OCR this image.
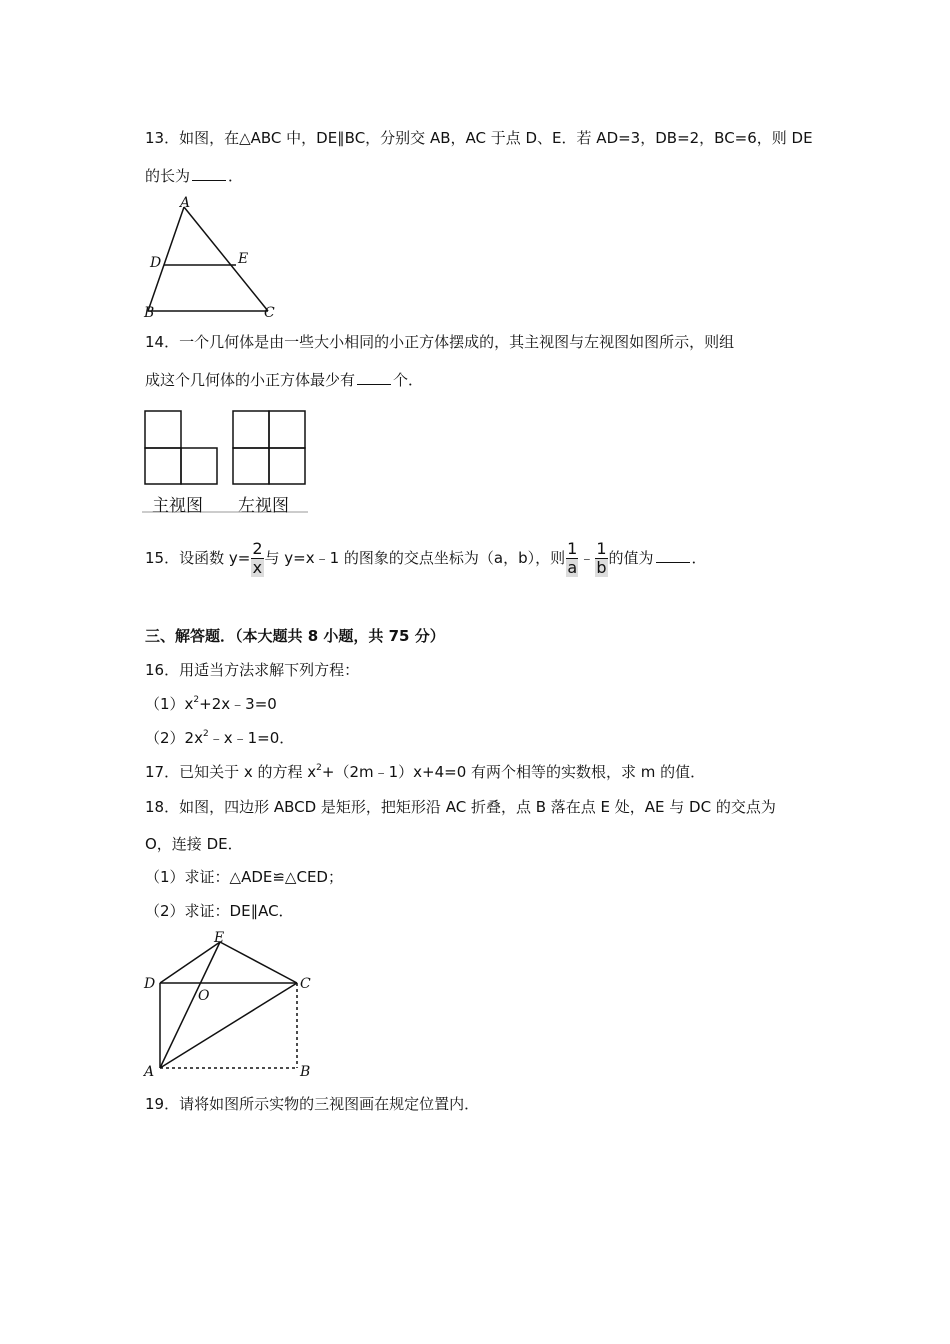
13．如图，在△ABC 中，DE∥BC，分别交 AB，AC 于点 D、E．若 AD=3，DB=2，BC=6，则 DE
的长为	．
A
D	E
B	C
14．一个几何体是由一些大小相同的小正方体摆成的，其主视图与左视图如图所示，则组
成这个几何体的小正方体最少有	个．
主视图 左视图
15．设函数 $y= \frac{2}{x}$ 与 y=x﹣1 的图象的交点坐标为（a，b），则 $\frac{1}{a}$ ﹣ $\frac{1}{b}$ 的值为	．
三、解答题．（本大题共 8 小题，共 75 分）
16．用适当方法求解下列方程：
$(1)x^2+2x﹣3=0$
$(2)2x^2﹣x﹣1=0$．
17．已知关于 x 的方程 $x^2+(2m﹣1)x+4=0$ 有两个相等的实数根，求 m 的值．
18．如图，四边形 ABCD 是矩形，把矩形沿 AC 折叠，点 B 落在点 E 处，AE 与 DC 的交点为
O，连接 DE．
（1）求证：△ADE≌△CED；
（2）求证：DE∥AC．
E
D	C
O
A	B
19．请将如图所示实物的三视图画在规定位置内．
